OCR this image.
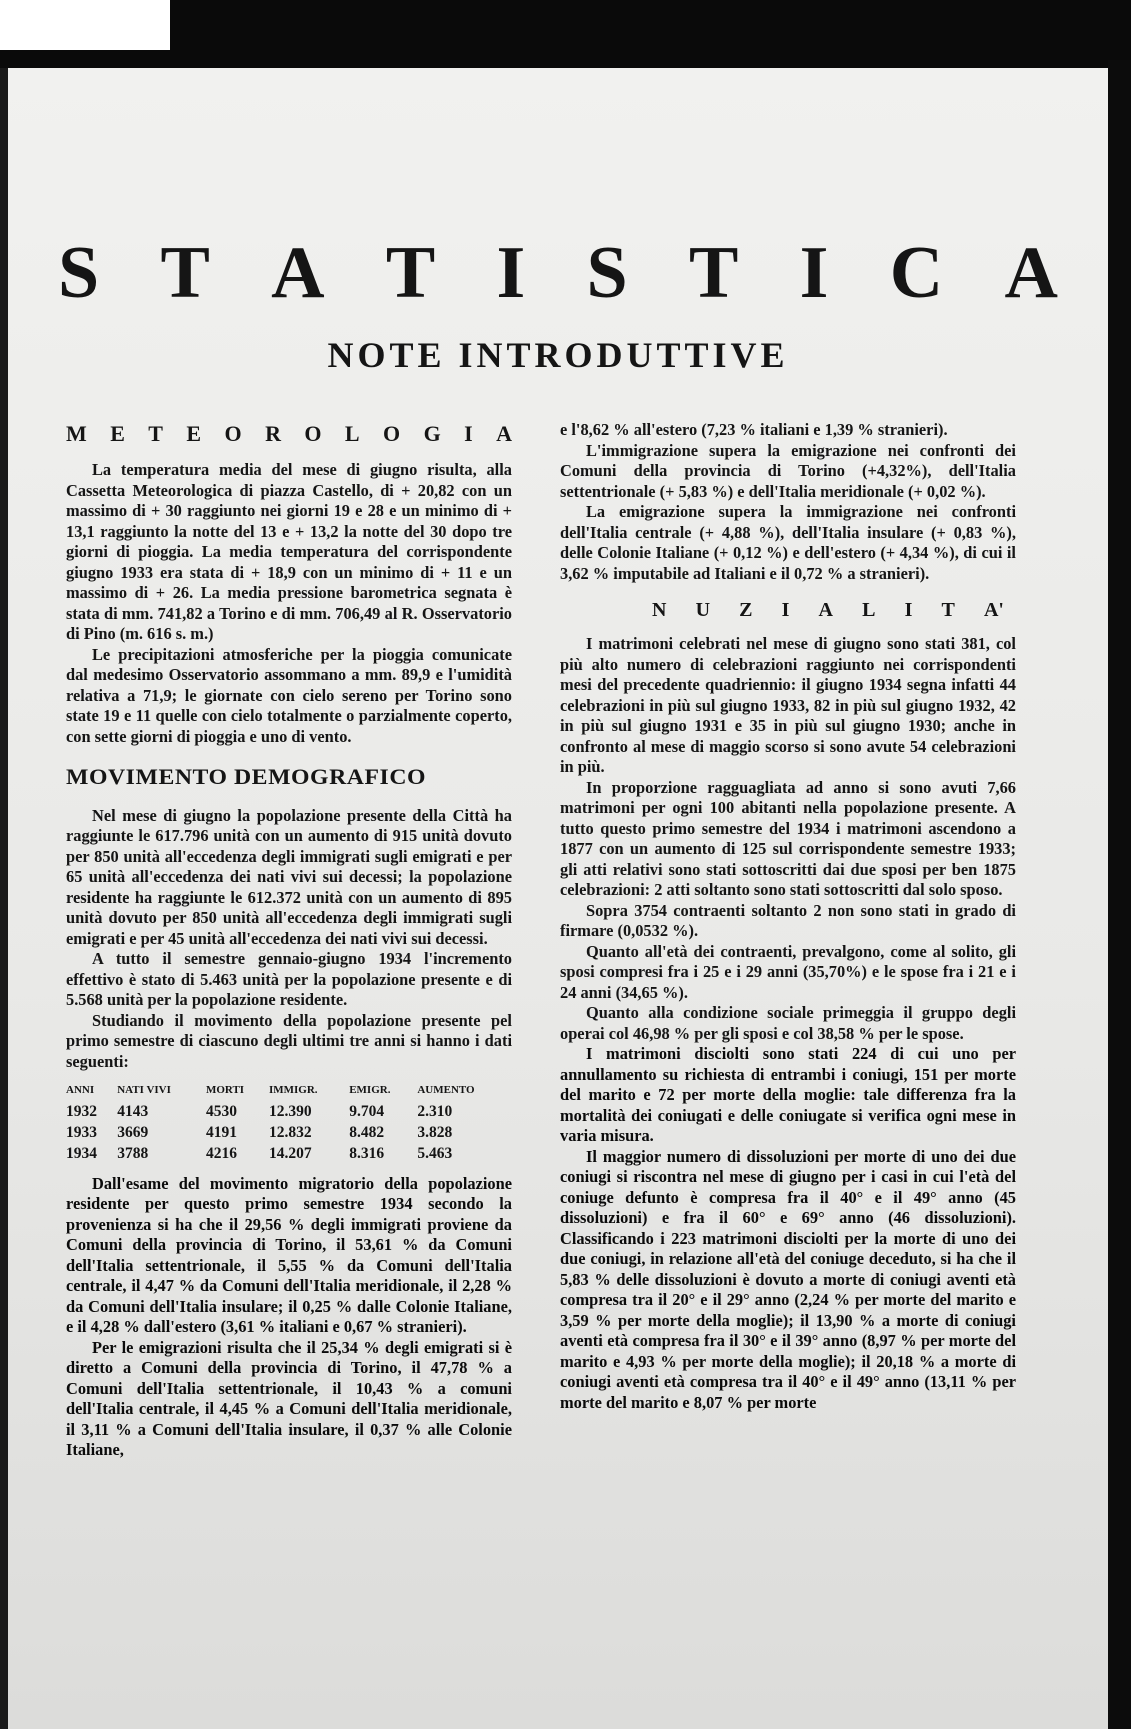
S T A T I S T I C A
NOTE INTRODUTTIVE
M E T E O R O L O G I A

La temperatura media del mese di giugno risulta, alla Cassetta Meteorologica di piazza Castello, di + 20,82 con un massimo di + 30 raggiunto nei giorni 19 e 28 e un minimo di + 13,1 raggiunto la notte del 13 e + 13,2 la notte del 30 dopo tre giorni di pioggia. La media temperatura del corrispondente giugno 1933 era stata di + 18,9 con un minimo di + 11 e un massimo di + 26. La media pressione barometrica segnata è stata di mm. 741,82 a Torino e di mm. 706,49 al R. Osservatorio di Pino (m. 616 s. m.)

Le precipitazioni atmosferiche per la pioggia comunicate dal medesimo Osservatorio assommano a mm. 89,9 e l'umidità relativa a 71,9; le giornate con cielo sereno per Torino sono state 19 e 11 quelle con cielo totalmente o parzialmente coperto, con sette giorni di pioggia e uno di vento.

MOVIMENTO DEMOGRAFICO

Nel mese di giugno la popolazione presente della Città ha raggiunte le 617.796 unità con un aumento di 915 unità dovuto per 850 unità all'eccedenza degli immigrati sugli emigrati e per 65 unità all'eccedenza dei nati vivi sui decessi; la popolazione residente ha raggiunte le 612.372 unità con un aumento di 895 unità dovuto per 850 unità all'eccedenza degli immigrati sugli emigrati e per 45 unità all'eccedenza dei nati vivi sui decessi.

A tutto il semestre gennaio-giugno 1934 l'incremento effettivo è stato di 5.463 unità per la popolazione presente e di 5.568 unità per la popolazione residente.

Studiando il movimento della popolazione presente pel primo semestre di ciascuno degli ultimi tre anni si hanno i dati seguenti:

ANNI	NATI VIVI	MORTI	IMMIGR.	EMIGR.	AUMENTO
1932	4143	4530	12.390	9.704	2.310
1933	3669	4191	12.832	8.482	3.828
1934	3788	4216	14.207	8.316	5.463

Dall'esame del movimento migratorio della popolazione residente per questo primo semestre 1934 secondo la provenienza si ha che il 29,56 % degli immigrati proviene da Comuni della provincia di Torino, il 53,61 % da Comuni dell'Italia settentrionale, il 5,55 % da Comuni dell'Italia centrale, il 4,47 % da Comuni dell'Italia meridionale, il 2,28 % da Comuni dell'Italia insulare; il 0,25 % dalle Colonie Italiane, e il 4,28 % dall'estero (3,61 % italiani e 0,67 % stranieri).

Per le emigrazioni risulta che il 25,34 % degli emigrati si è diretto a Comuni della provincia di Torino, il 47,78 % a Comuni dell'Italia settentrionale, il 10,43 % a comuni dell'Italia centrale, il 4,45 % a Comuni dell'Italia meridionale, il 3,11 % a Comuni dell'Italia insulare, il 0,37 % alle Colonie Italiane,

e l'8,62 % all'estero (7,23 % italiani e 1,39 % stranieri).

L'immigrazione supera la emigrazione nei confronti dei Comuni della provincia di Torino (+4,32%), dell'Italia settentrionale (+ 5,83 %) e dell'Italia meridionale (+ 0,02 %).

La emigrazione supera la immigrazione nei confronti dell'Italia centrale (+ 4,88 %), dell'Italia insulare (+ 0,83 %), delle Colonie Italiane (+ 0,12 %) e dell'estero (+ 4,34 %), di cui il 3,62 % imputabile ad Italiani e il 0,72 % a stranieri).

N U Z I A L I T A'

I matrimoni celebrati nel mese di giugno sono stati 381, col più alto numero di celebrazioni raggiunto nei corrispondenti mesi del precedente quadriennio: il giugno 1934 segna infatti 44 celebrazioni in più sul giugno 1933, 82 in più sul giugno 1932, 42 in più sul giugno 1931 e 35 in più sul giugno 1930; anche in confronto al mese di maggio scorso si sono avute 54 celebrazioni in più.

In proporzione ragguagliata ad anno si sono avuti 7,66 matrimoni per ogni 100 abitanti nella popolazione presente. A tutto questo primo semestre del 1934 i matrimoni ascendono a 1877 con un aumento di 125 sul corrispondente semestre 1933; gli atti relativi sono stati sottoscritti dai due sposi per ben 1875 celebrazioni: 2 atti soltanto sono stati sottoscritti dal solo sposo.

Sopra 3754 contraenti soltanto 2 non sono stati in grado di firmare (0,0532 %).

Quanto all'età dei contraenti, prevalgono, come al solito, gli sposi compresi fra i 25 e i 29 anni (35,70%) e le spose fra i 21 e i 24 anni (34,65 %).

Quanto alla condizione sociale primeggia il gruppo degli operai col 46,98 % per gli sposi e col 38,58 % per le spose.

I matrimoni disciolti sono stati 224 di cui uno per annullamento su richiesta di entrambi i coniugi, 151 per morte del marito e 72 per morte della moglie: tale differenza fra la mortalità dei coniugati e delle coniugate si verifica ogni mese in varia misura.

Il maggior numero di dissoluzioni per morte di uno dei due coniugi si riscontra nel mese di giugno per i casi in cui l'età del coniuge defunto è compresa fra il 40° e il 49° anno (45 dissoluzioni) e fra il 60° e 69° anno (46 dissoluzioni). Classificando i 223 matrimoni disciolti per la morte di uno dei due coniugi, in relazione all'età del coniuge deceduto, si ha che il 5,83 % delle dissoluzioni è dovuto a morte di coniugi aventi età compresa tra il 20° e il 29° anno (2,24 % per morte del marito e 3,59 % per morte della moglie); il 13,90 % a morte di coniugi aventi età compresa fra il 30° e il 39° anno (8,97 % per morte del marito e 4,93 % per morte della moglie); il 20,18 % a morte di coniugi aventi età compresa tra il 40° e il 49° anno (13,11 % per morte del marito e 8,07 % per morte
